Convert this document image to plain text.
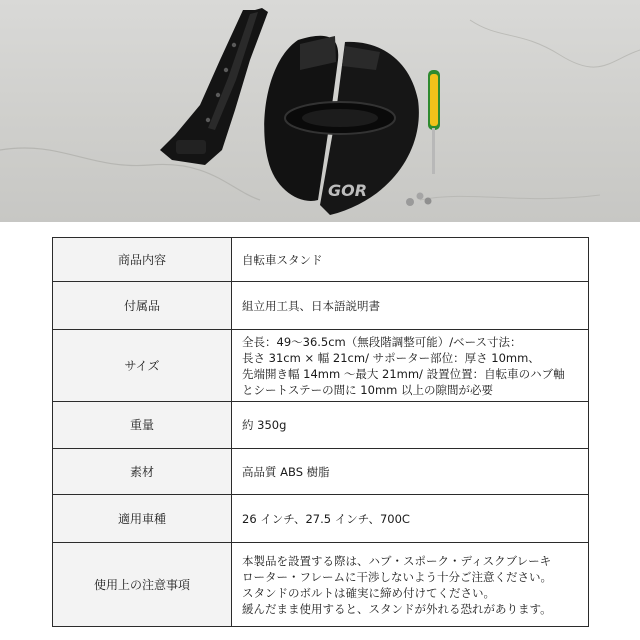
GOR
商品内容	自転車スタンド

付属品	組立用工具、日本語説明書

サイズ	全長：49～36.5cm（無段階調整可能）/ベース寸法：
長さ 31cm × 幅 21cm/ サポーター部位：厚さ 10mm、
先端開き幅 14mm ～最大 21mm/ 設置位置：自転車のハブ軸
とシートステーの間に 10mm 以上の隙間が必要

重量	約 350g

素材	高品質 ABS 樹脂

適用車種	26 インチ、27.5 インチ、700C

使用上の注意事項	本製品を設置する際は、ハブ・スポーク・ディスクブレーキ
ローター・フレームに干渉しないよう十分ご注意ください。
スタンドのボルトは確実に締め付けてください。
緩んだまま使用すると、スタンドが外れる恐れがあります。
